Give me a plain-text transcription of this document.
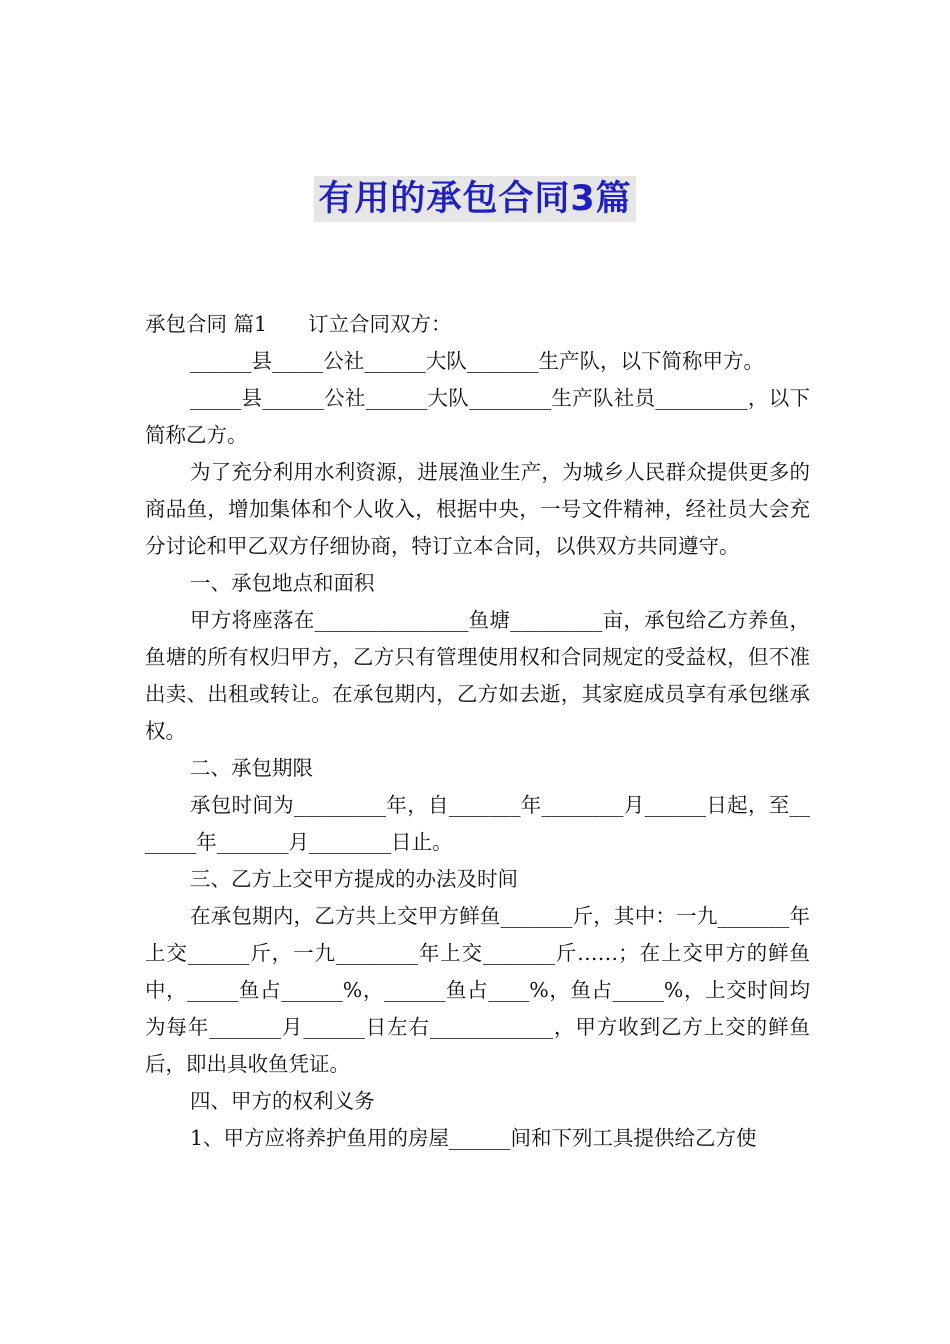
有用的承包合同3篇

承包合同 篇1　　订立合同双方：

______县_____公社______大队_______生产队，以下简称甲方。

_____县______公社______大队________生产队社员_________，以下简称乙方。

为了充分利用水利资源，进展渔业生产，为城乡人民群众提供更多的商品鱼，增加集体和个人收入，根据中央，一号文件精神，经社员大会充分讨论和甲乙双方仔细协商，特订立本合同，以供双方共同遵守。

一、承包地点和面积

甲方将座落在_______________鱼塘_________亩，承包给乙方养鱼，鱼塘的所有权归甲方，乙方只有管理使用权和合同规定的受益权，但不准出卖、出租或转让。在承包期内，乙方如去逝，其家庭成员享有承包继承权。

二、承包期限

承包时间为_________年，自_______年________月______日起，至_______年_______月________日止。

三、乙方上交甲方提成的办法及时间

在承包期内，乙方共上交甲方鲜鱼_______斤，其中：一九_______年上交______斤，一九________年上交_______斤……；在上交甲方的鲜鱼中，_____鱼占______%，______鱼占____%，鱼占_____%，上交时间均为每年_______月______日左右____________，甲方收到乙方上交的鲜鱼后，即出具收鱼凭证。

四、甲方的权利义务

1、甲方应将养护鱼用的房屋______间和下列工具提供给乙方使
